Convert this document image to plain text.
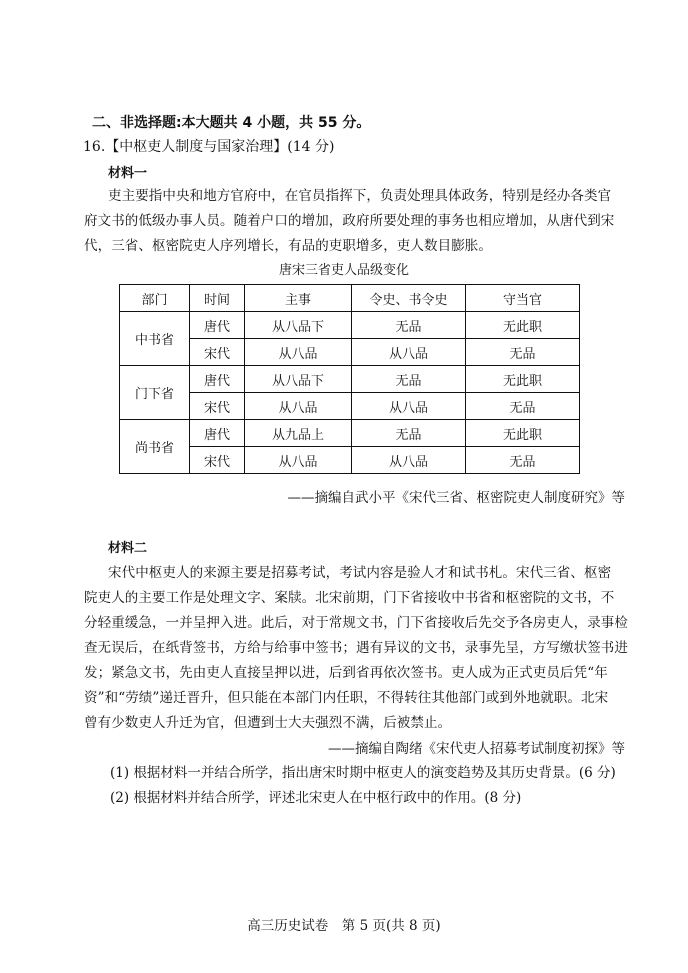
二、非选择题:本大题共 4 小题，共 55 分。
16.【中枢吏人制度与国家治理】(14 分)
材料一
吏主要指中央和地方官府中，在官员指挥下，负责处理具体政务，特别是经办各类官
府文书的低级办事人员。随着户口的增加，政府所要处理的事务也相应增加，从唐代到宋
代，三省、枢密院吏人序列增长，有品的吏职增多，吏人数目膨胀。
唐宋三省吏人品级变化
部门	时间	主事	令史、书令史	守当官
中书省	唐代	从八品下	无品	无此职
	宋代	从八品	从八品	无品
门下省	唐代	从八品下	无品	无此职
	宋代	从八品	从八品	无品
尚书省	唐代	从九品上	无品	无此职
	宋代	从八品	从八品	无品
——摘编自武小平《宋代三省、枢密院吏人制度研究》等
材料二
宋代中枢吏人的来源主要是招募考试，考试内容是验人才和试书札。宋代三省、枢密
院吏人的主要工作是处理文字、案牍。北宋前期，门下省接收中书省和枢密院的文书，不
分轻重缓急，一并呈押入进。此后，对于常规文书，门下省接收后先交予各房吏人，录事检
查无误后，在纸背签书，方给与给事中签书；遇有异议的文书，录事先呈，方写缴状签书进
发；紧急文书，先由吏人直接呈押以进，后到省再依次签书。吏人成为正式吏员后凭“年
资”和“劳绩”递迁晋升，但只能在本部门内任职，不得转往其他部门或到外地就职。北宋
曾有少数吏人升迁为官，但遭到士大夫强烈不满，后被禁止。
——摘编自陶绪《宋代吏人招募考试制度初探》等
(1) 根据材料一并结合所学，指出唐宋时期中枢吏人的演变趋势及其历史背景。(6 分)
(2) 根据材料并结合所学，评述北宋吏人在中枢行政中的作用。(8 分)
高三历史试卷　第 5 页(共 8 页)
